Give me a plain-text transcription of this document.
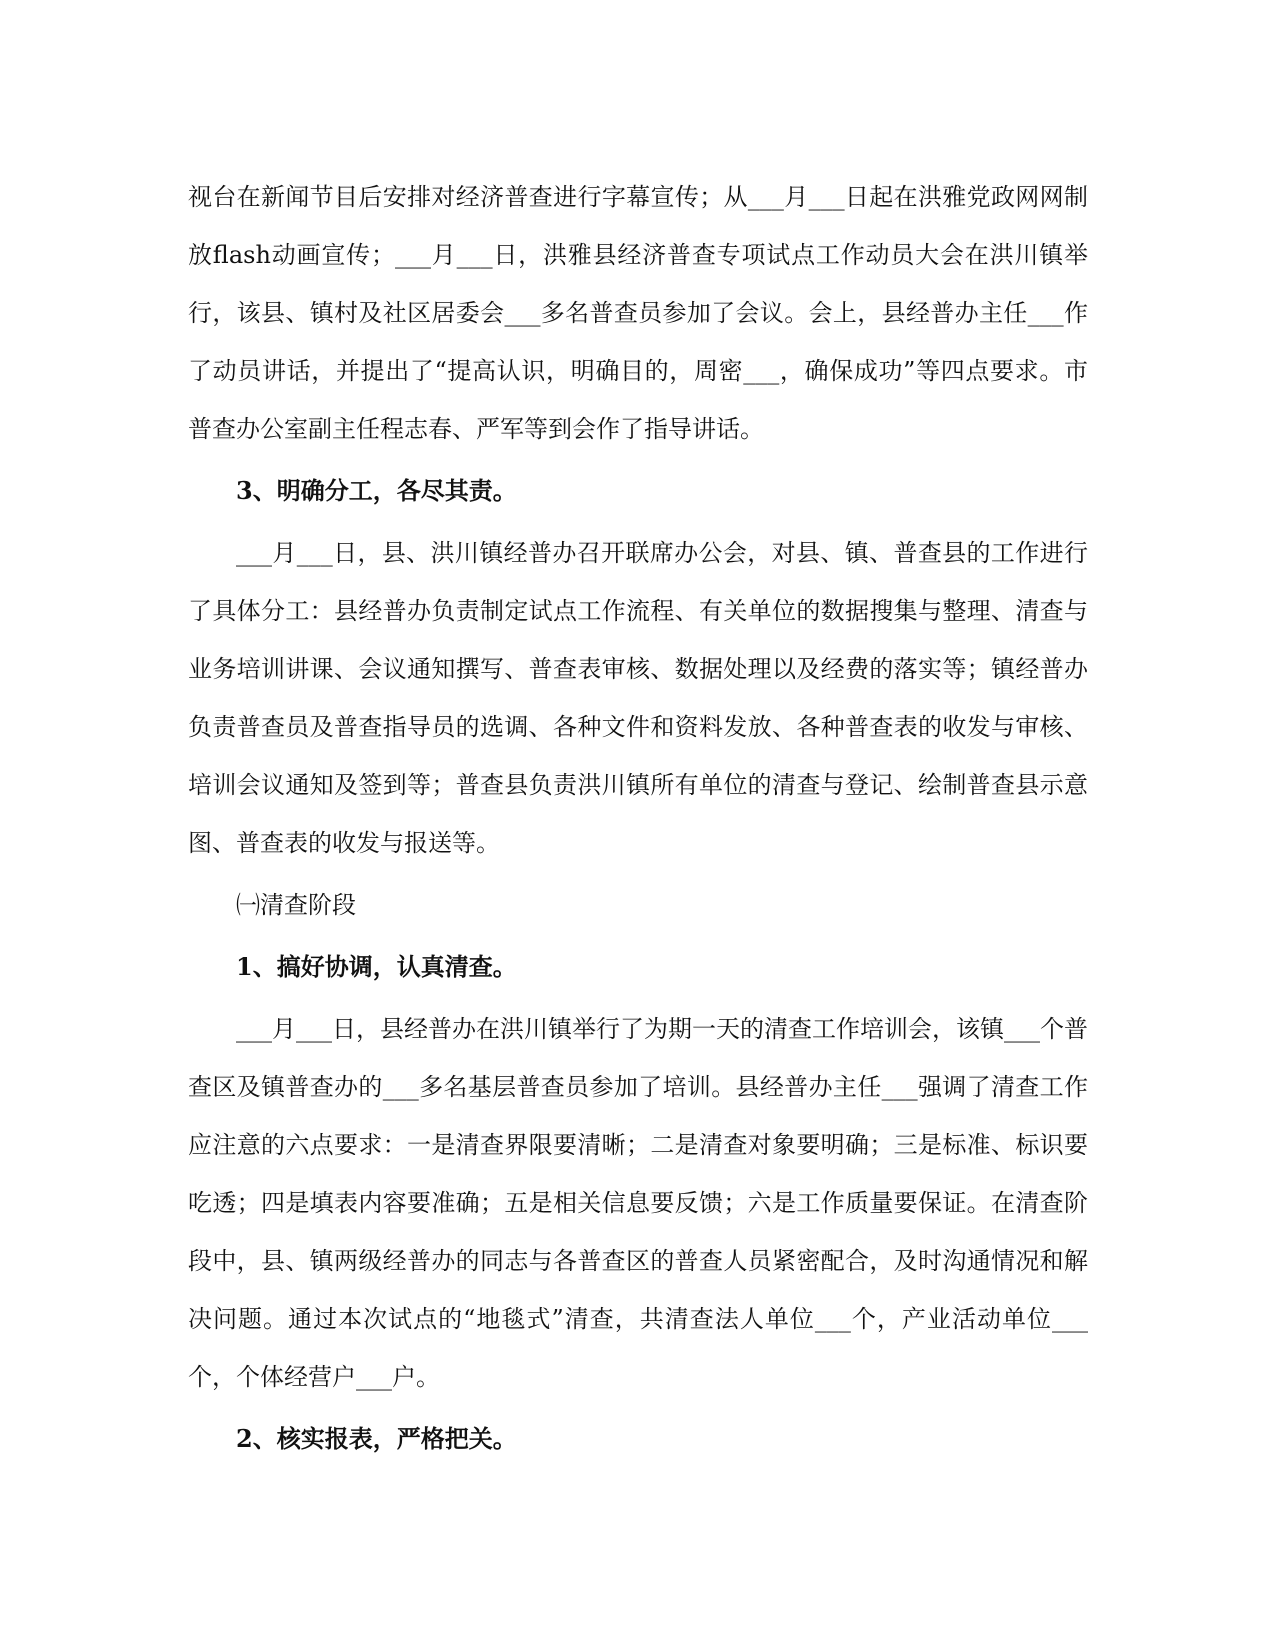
视台在新闻节目后安排对经济普查进行字幕宣传；从___月___日起在洪雅党政网网制放flash动画宣传；___月___日，洪雅县经济普查专项试点工作动员大会在洪川镇举行，该县、镇村及社区居委会___多名普查员参加了会议。会上，县经普办主任___作了动员讲话，并提出了“提高认识，明确目的，周密___，确保成功”等四点要求。市普查办公室副主任程志春、严军等到会作了指导讲话。

3、明确分工，各尽其责。

___月___日，县、洪川镇经普办召开联席办公会，对县、镇、普查县的工作进行了具体分工：县经普办负责制定试点工作流程、有关单位的数据搜集与整理、清查与业务培训讲课、会议通知撰写、普查表审核、数据处理以及经费的落实等；镇经普办负责普查员及普查指导员的选调、各种文件和资料发放、各种普查表的收发与审核、培训会议通知及签到等；普查县负责洪川镇所有单位的清查与登记、绘制普查县示意图、普查表的收发与报送等。

㈠清查阶段

1、搞好协调，认真清查。

___月___日，县经普办在洪川镇举行了为期一天的清查工作培训会，该镇___个普查区及镇普查办的___多名基层普查员参加了培训。县经普办主任___强调了清查工作应注意的六点要求：一是清查界限要清晰；二是清查对象要明确；三是标准、标识要吃透；四是填表内容要准确；五是相关信息要反馈；六是工作质量要保证。在清查阶段中，县、镇两级经普办的同志与各普查区的普查人员紧密配合，及时沟通情况和解决问题。通过本次试点的“地毯式”清查，共清查法人单位___个，产业活动单位___个，个体经营户___户。

2、核实报表，严格把关。
